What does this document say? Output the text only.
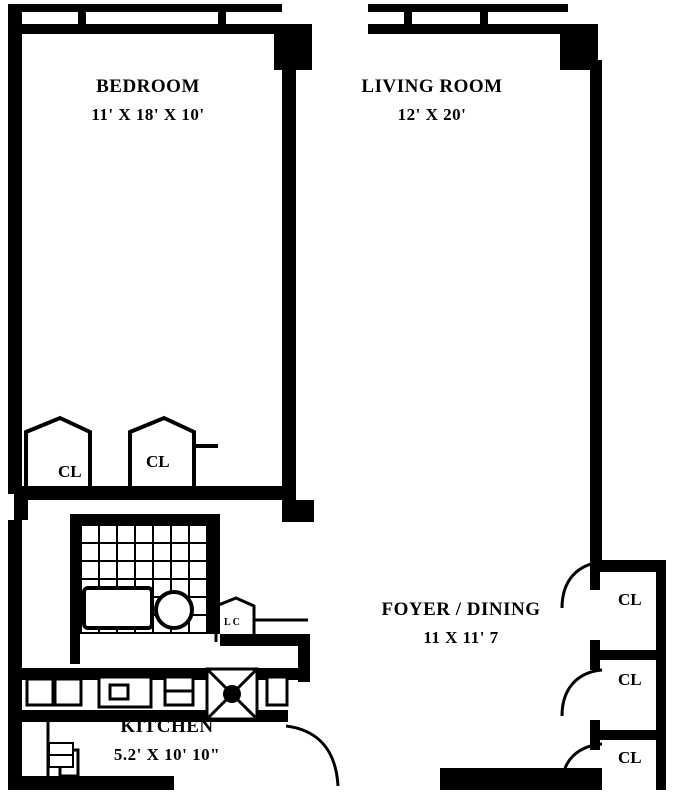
BEDROOM
11' X 18' X 10'
LIVING ROOM
12' X 20'
FOYER / DINING
11 X 11' 7
KITCHEN
5.2' X 10' 10"
CL
CL
CL
CL
CL
L C
